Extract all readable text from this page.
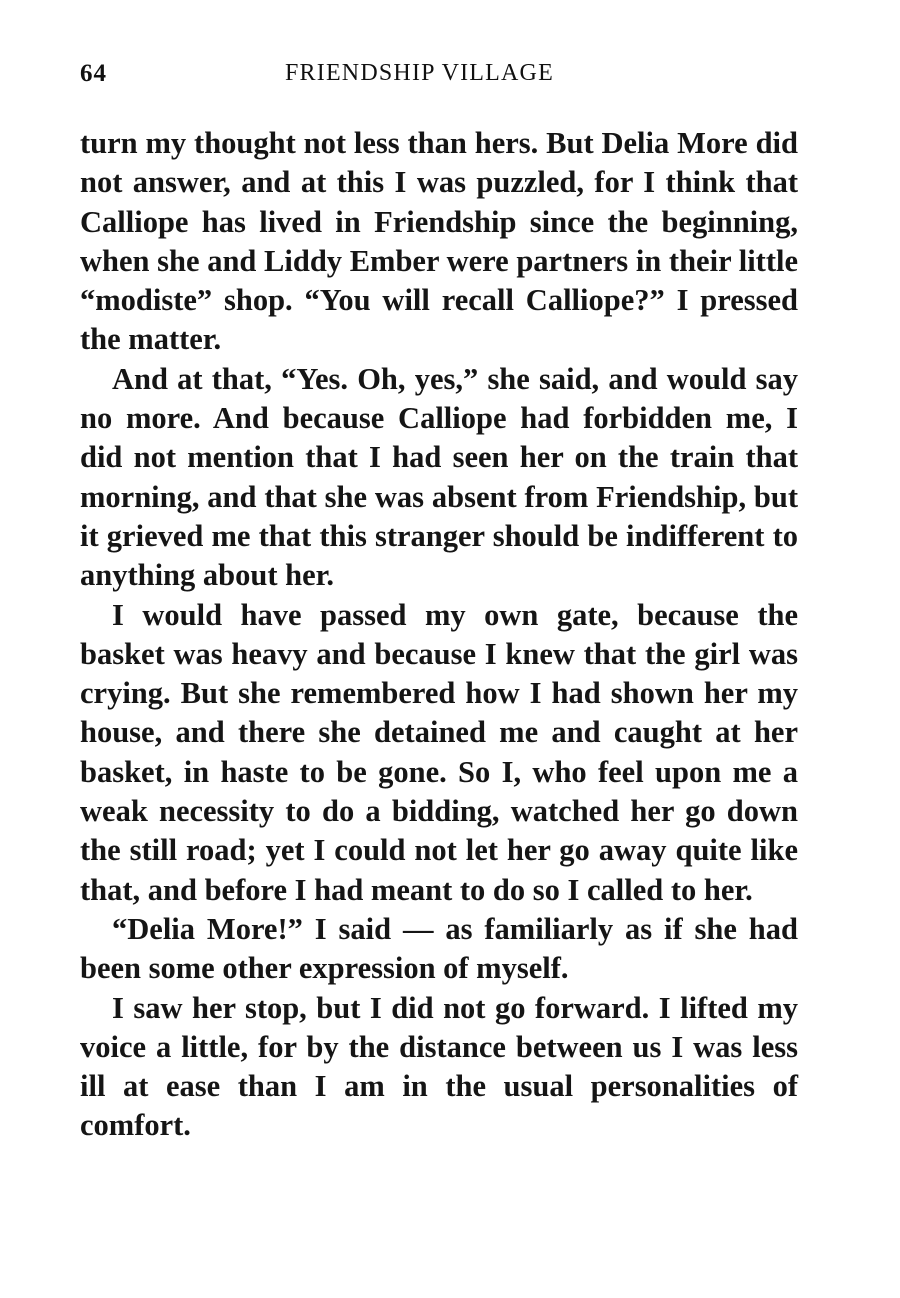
64	FRIENDSHIP VILLAGE

turn my thought not less than hers. But Delia More did not answer, and at this I was puzzled, for I think that Calliope has lived in Friendship since the beginning, when she and Liddy Ember were partners in their little “modiste” shop. “You will recall Calliope?” I pressed the matter.

And at that, “Yes. Oh, yes,” she said, and would say no more. And because Calliope had forbidden me, I did not mention that I had seen her on the train that morning, and that she was absent from Friendship, but it grieved me that this stranger should be indifferent to anything about her.

I would have passed my own gate, because the basket was heavy and because I knew that the girl was crying. But she remembered how I had shown her my house, and there she detained me and caught at her basket, in haste to be gone. So I, who feel upon me a weak necessity to do a bidding, watched her go down the still road; yet I could not let her go away quite like that, and before I had meant to do so I called to her.

“Delia More!” I said — as familiarly as if she had been some other expression of myself.

I saw her stop, but I did not go forward. I lifted my voice a little, for by the distance between us I was less ill at ease than I am in the usual personalities of comfort.
